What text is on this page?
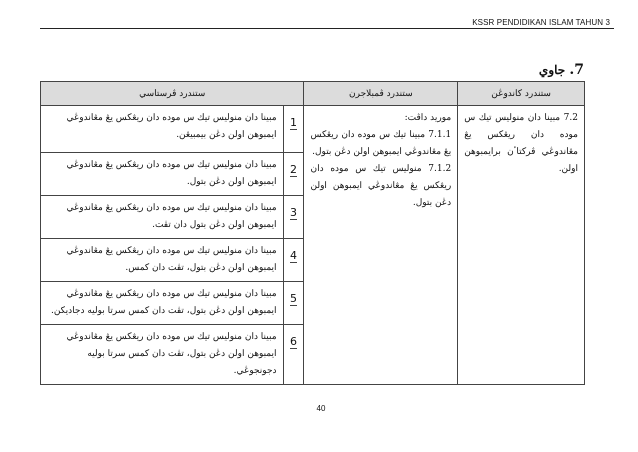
KSSR PENDIDIKAN ISLAM TAHUN 3
7. جاوي
ستندرد كاندوڠن	ستندرد ڤمبلاجرن	ستندرد ڤرستاسي	

7.2 مبينا دان منوليس تيك س موده دان ريڠكس يڠ مڠاندوڠي ڤركتاٴن برايمبوهن اولن.	موريد داڤت:

7.1.1 مبينا تيك س موده دان ريڠكس يڠ مڠاندوڠي ايمبوهن اولن دڠن بتول.

7.1.2 منوليس تيك س موده دان ريڠكس يڠ مڠاندوڠي ايمبوهن اولن دڠن بتول.	1	مبينا دان منوليس تيك س موده دان ريڠكس يڠ مڠاندوڠي ايمبوهن اولن دڠن بيمبيڠن.

		2	مبينا دان منوليس تيك س موده دان ريڠكس يڠ مڠاندوڠي ايمبوهن اولن دڠن بتول.

		3	مبينا دان منوليس تيك س موده دان ريڠكس يڠ مڠاندوڠي ايمبوهن اولن دڠن بتول دان تڤت.

		4	مبينا دان منوليس تيك س موده دان ريڠكس يڠ مڠاندوڠي ايمبوهن اولن دڠن بتول، تڤت دان كمس.

		5	مبينا دان منوليس تيك س موده دان ريڠكس يڠ مڠاندوڠي ايمبوهن اولن دڠن بتول، تڤت دان كمس سرتا بوليه دجاديكن.

		6	مبينا دان منوليس تيك س موده دان ريڠكس يڠ مڠاندوڠي ايمبوهن اولن دڠن بتول، تڤت دان كمس سرتا بوليه دجونجوڠي.
40
